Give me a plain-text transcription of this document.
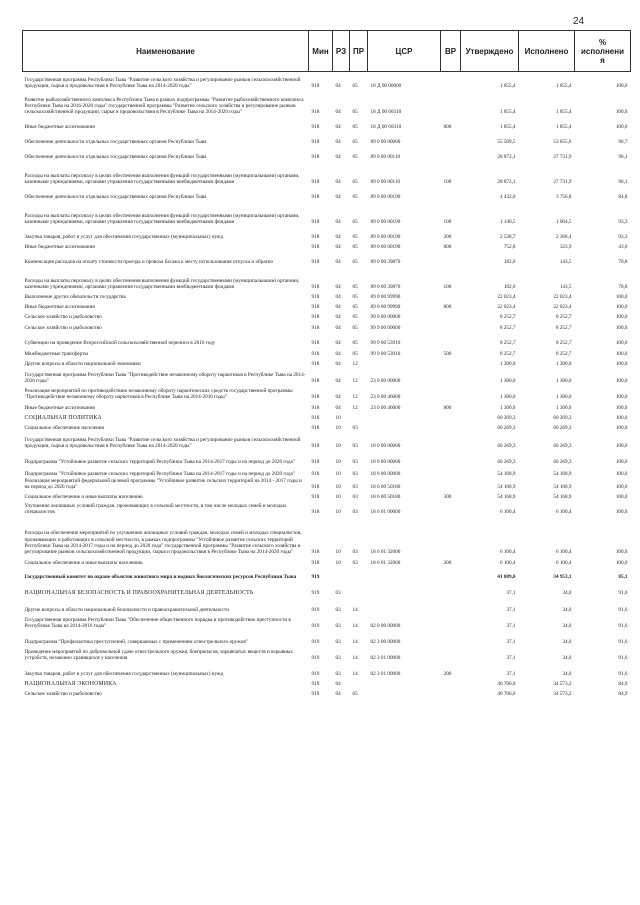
24
Наименование	Мин	РЗ	ПР	ЦСР	ВР	Утверждено	Исполнено	%
исполнени
я
Государственная программа Республики Тыва "Развитие сельского хозяйства и регулирование рынков сельскохозяйственной продукции, сырья и продовольствия в Республике Тыва на 2014-2020 годы"	918	04	05	18 Д 00 00000		1 855,4	1 855,4	100,0
Развитие рыбохозяйственного комплекса Республики Тыва в рамках подпрограммы "Развитие рыбохозяйственного комплекса Республики Тыва на 2016-2020 годы" государственной программы "Развитие сельского хозяйства и регулирование рынков сельскохозяйственной продукции, сырья и продовольствия в Республике Тыва на 2014-2020 годы"	918	04	05	18 Д 00 60310		1 855,4	1 855,4	100,0
Иные бюджетные ассигнования	918	04	05	18 Д 00 60310	800	1 855,4	1 855,4	100,0
Обеспечение деятельности отдельных государственных органов Республики Тыва	918	04	05	89 0 00 00000		55 509,5	53 655,6	96,7
Обеспечение деятельности отдельных государственных органов Республики Тыва	918	04	05	89 0 00 00110		28 872,1	27 731,9	96,1
Расходы на выплаты персоналу в целях обеспечения выполнения функций государственными (муниципальными) органами, казенными учреждениями, органами управления государственными внебюджетными фондами	918	04	05	89 0 00 00110	100	28 872,1	27 731,9	96,1
Обеспечение деятельности отдельных государственных органов Республики Тыва	918	04	05	89 0 00 00190		4 432,0	3 756,8	84,8
Расходы на выплаты персоналу в целях обеспечения выполнения функций государственными (муниципальными) органами, казенными учреждениями, органами управления государственными внебюджетными фондами	918	04	05	89 0 00 00190	100	1 140,5	1 064,5	93,3
Закупка товаров, работ и услуг для обеспечения государственных (муниципальных) нужд	918	04	05	89 0 00 00190	200	2 538,7	2 368,4	93,3
Иные бюджетные ассигнования	918	04	05	89 0 00 00190	800	752,8	323,9	43,0
Компенсация расходов на оплату стоимости проезда и провоза багажа к месту использования отпуска и обратно	918	04	05	89 0 00 39870		182,0	143,5	78,8
Расходы на выплаты персоналу в целях обеспечения выполнения функций государственными (муниципальными) органами, казенными учреждениями, органами управления государственными внебюджетными фондами	918	04	05	89 0 00 39870	100	182,0	143,5	78,8
Выполнение других обязательств государства	918	04	05	89 0 00 99990		22 023,4	22 023,4	100,0
Иные бюджетные ассигнования	918	04	05	89 0 00 99990	800	22 023,4	22 023,4	100,0
Сельское хозяйство и рыболовство	918	04	05	99 0 00 00000		8 252,7	8 252,7	100,0
Сельское хозяйство и рыболовство	918	04	05	99 9 00 00000		8 252,7	8 252,7	100,0
Субвенции на проведение Всероссийской сельскохозяйственной переписи в 2016 году	918	04	05	99 9 00 53910		8 252,7	8 252,7	100,0
Межбюджетные трансферты	918	04	05	99 9 00 53910	500	8 252,7	8 252,7	100,0
Другие вопросы в области национальной экономики	918	04	12			1 300,0	1 300,0	100,0
Государственная программа Республики Тыва "Противодействие незаконному обороту наркотиков в Республике Тыва на 2014-2016 годы"	918	04	12	23 0 00 00000		1 300,0	1 300,0	100,0
Реализация мероприятий по противодействию незаконному обороту наркотических средств государственной программы "Противодействие незаконному обороту наркотиков в Республике Тыва на 2014-2016 годы"	918	04	12	23 0 00 46000		1 300,0	1 300,0	100,0
Иные бюджетные ассигнования	918	04	12	23 0 00 46000	800	1 300,0	1 300,0	100,0
СОЦИАЛЬНАЯ ПОЛИТИКА	918	10				60 269,3	60 269,3	100,0
Социальное обеспечение населения	918	10	03			60 269,3	60 269,3	100,0
Государственная программа Республики Тыва "Развитие сельского хозяйства и регулирование рынков сельскохозяйственной продукции, сырья и продовольствия в Республике Тыва на 2014-2020 годы"	918	10	03	18 0 00 00000		60 269,3	60 269,3	100,0
Подпрограмма "Устойчивое развитие сельских территорий Республики Тыва на 2014-2017 годы и на период до 2020 года"	918	10	03	18 6 00 00000		60 269,3	60 269,3	100,0
Подпрограмма "Устойчивое развитие сельских территорий Республики Тыва на 2014-2017 годы и на период до 2020 года"	918	10	03	18 6 00 00000		54 168,9	54 168,9	100,0
Реализация мероприятий федеральной целевой программы "Устойчивое развитие сельских территорий на 2014 - 2017 годы и на период до 2020 года"	918	10	03	18 6 00 50180		54 168,9	54 168,9	100,0
Социальное обеспечение и иные выплаты населению	918	10	03	18 6 00 50180	300	54 168,9	54 168,9	100,0
Улучшение жилищных условий граждан, проживающих в сельской местности, в том числе молодых семей и молодых специалистов	918	10	03	18 6 01 00000		6 100,4	6 100,4	100,0
Расходы на обеспечение мероприятий по улучшению жилищных условий граждан, молодых семей и молодых специалистов, проживающих и работающих в сельской местности, в рамках подпрограммы "Устойчивое развитие сельских территорий Республики Тыва на 2014-2017 годы и на период до 2020 года" государственной программы "Развитие сельского хозяйства и регулирование рынков сельскохозяйственной продукции, сырья и продовольствия в Республике Тыва на 2014-2020 годы"	918	10	03	18 6 01 32000		6 100,4	6 100,4	100,0
Социальное обеспечение и иные выплаты населению	918	10	03	18 6 01 32000	300	6 100,4	6 100,4	100,0
Государственный комитет по охране объектов животного мира и водных биологических ресурсов Республики Тыва	919					41 089,0	34 953,1	85,1
НАЦИОНАЛЬНАЯ БЕЗОПАСНОСТЬ И ПРАВООХРАНИТЕЛЬНАЯ ДЕЯТЕЛЬНОСТЬ	919	03				37,1	34,0	91,6
Другие вопросы в области национальной безопасности и правоохранительной деятельности	919	03	14			37,1	34,0	91,6
Государственная программа Республики Тыва "Обеспечение общественного порядка и противодействие преступности в Республике Тыва на 2014-2016 годы"	919	03	14	02 0 00 00000		37,1	34,0	91,6
Подпрограмма "Профилактика преступлений, совершаемых с применением огнестрельного оружия"	919	03	14	02 3 00 00000		37,1	34,0	91,6
Проведение мероприятий по добровольной сдаче огнестрельного оружия, боеприпасов, взрывчатых веществ и взрывных устройств, незаконно хранящихся у населения	919	03	14	02 3 01 00000		37,1	34,0	91,6
Закупка товаров, работ и услуг для обеспечения государственных (муниципальных) нужд	919	03	14	02 3 01 00000	200	37,1	34,0	91,6
НАЦИОНАЛЬНАЯ ЭКОНОМИКА	919	04				40 706,0	34 573,2	84,9
Сельское хозяйство и рыболовство	919	04	05			40 706,0	34 573,2	84,9
